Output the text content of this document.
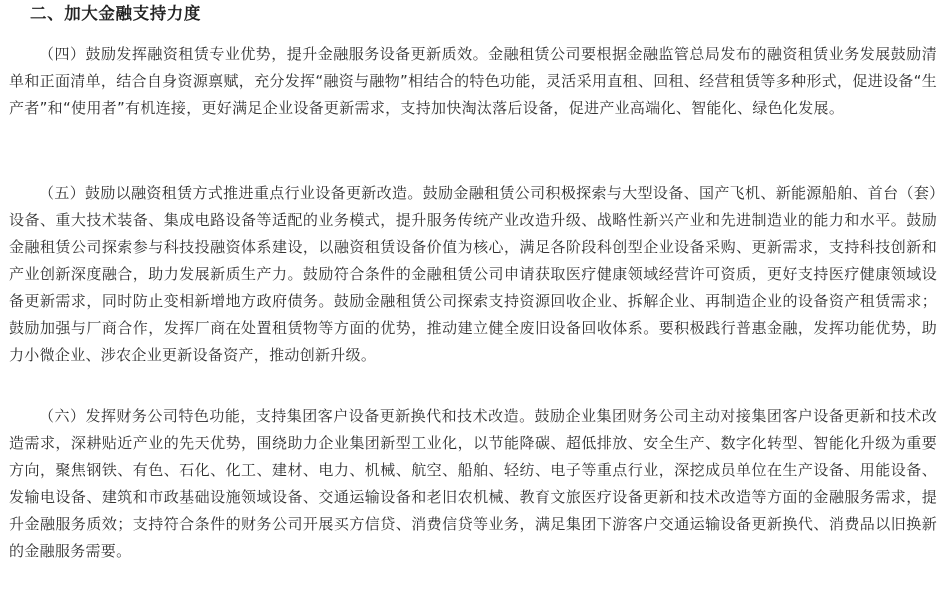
二、加大金融支持力度

（四）鼓励发挥融资租赁专业优势，提升金融服务设备更新质效。金融租赁公司要根据金融监管总局发布的融资租赁业务发展鼓励清单和正面清单，结合自身资源禀赋，充分发挥“融资与融物”相结合的特色功能，灵活采用直租、回租、经营租赁等多种形式，促进设备“生产者”和“使用者”有机连接，更好满足企业设备更新需求，支持加快淘汰落后设备，促进产业高端化、智能化、绿色化发展。

（五）鼓励以融资租赁方式推进重点行业设备更新改造。鼓励金融租赁公司积极探索与大型设备、国产飞机、新能源船舶、首台（套）设备、重大技术装备、集成电路设备等适配的业务模式，提升服务传统产业改造升级、战略性新兴产业和先进制造业的能力和水平。鼓励金融租赁公司探索参与科技投融资体系建设，以融资租赁设备价值为核心，满足各阶段科创型企业设备采购、更新需求，支持科技创新和产业创新深度融合，助力发展新质生产力。鼓励符合条件的金融租赁公司申请获取医疗健康领域经营许可资质，更好支持医疗健康领域设备更新需求，同时防止变相新增地方政府债务。鼓励金融租赁公司探索支持资源回收企业、拆解企业、再制造企业的设备资产租赁需求；鼓励加强与厂商合作，发挥厂商在处置租赁物等方面的优势，推动建立健全废旧设备回收体系。要积极践行普惠金融，发挥功能优势，助力小微企业、涉农企业更新设备资产，推动创新升级。

（六）发挥财务公司特色功能，支持集团客户设备更新换代和技术改造。鼓励企业集团财务公司主动对接集团客户设备更新和技术改造需求，深耕贴近产业的先天优势，围绕助力企业集团新型工业化，以节能降碳、超低排放、安全生产、数字化转型、智能化升级为重要方向，聚焦钢铁、有色、石化、化工、建材、电力、机械、航空、船舶、轻纺、电子等重点行业，深挖成员单位在生产设备、用能设备、发输电设备、建筑和市政基础设施领域设备、交通运输设备和老旧农机械、教育文旅医疗设备更新和技术改造等方面的金融服务需求，提升金融服务质效；支持符合条件的财务公司开展买方信贷、消费信贷等业务，满足集团下游客户交通运输设备更新换代、消费品以旧换新的金融服务需要。
